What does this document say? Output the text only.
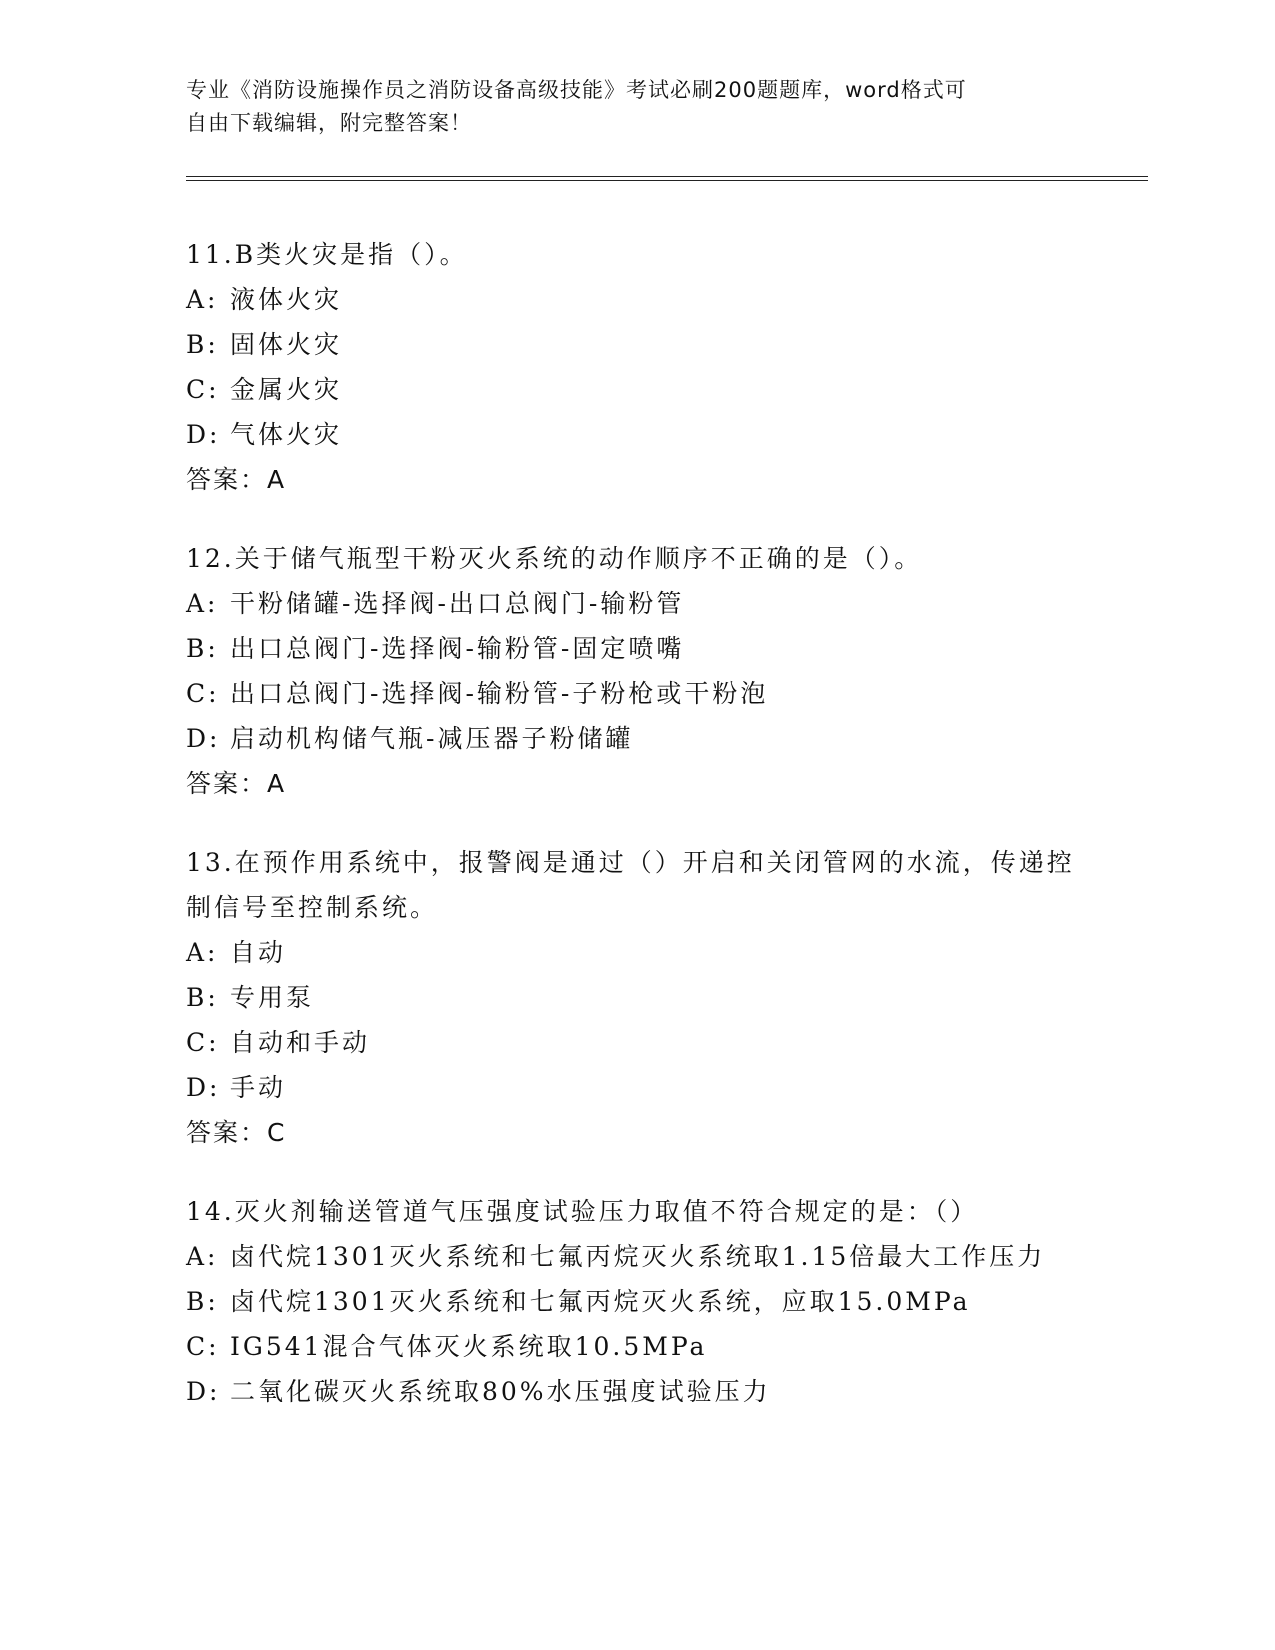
专业《消防设施操作员之消防设备高级技能》考试必刷200题题库，word格式可
自由下载编辑，附完整答案！
11.B类火灾是指（）。
A: 液体火灾
B: 固体火灾
C: 金属火灾
D: 气体火灾
答案：A
12.关于储气瓶型干粉灭火系统的动作顺序不正确的是（）。
A: 干粉储罐-选择阀-出口总阀门-输粉管
B: 出口总阀门-选择阀-输粉管-固定喷嘴
C: 出口总阀门-选择阀-输粉管-子粉枪或干粉泡
D: 启动机构储气瓶-减压器子粉储罐
答案：A
13.在预作用系统中，报警阀是通过（）开启和关闭管网的水流，传递控制信号至控制系统。
A: 自动
B: 专用泵
C: 自动和手动
D: 手动
答案：C
14.灭火剂输送管道气压强度试验压力取值不符合规定的是：（）
A: 卤代烷1301灭火系统和七氟丙烷灭火系统取1.15倍最大工作压力
B: 卤代烷1301灭火系统和七氟丙烷灭火系统，应取15.0MPa
C: IG541混合气体灭火系统取10.5MPa
D: 二氧化碳灭火系统取80%水压强度试验压力
